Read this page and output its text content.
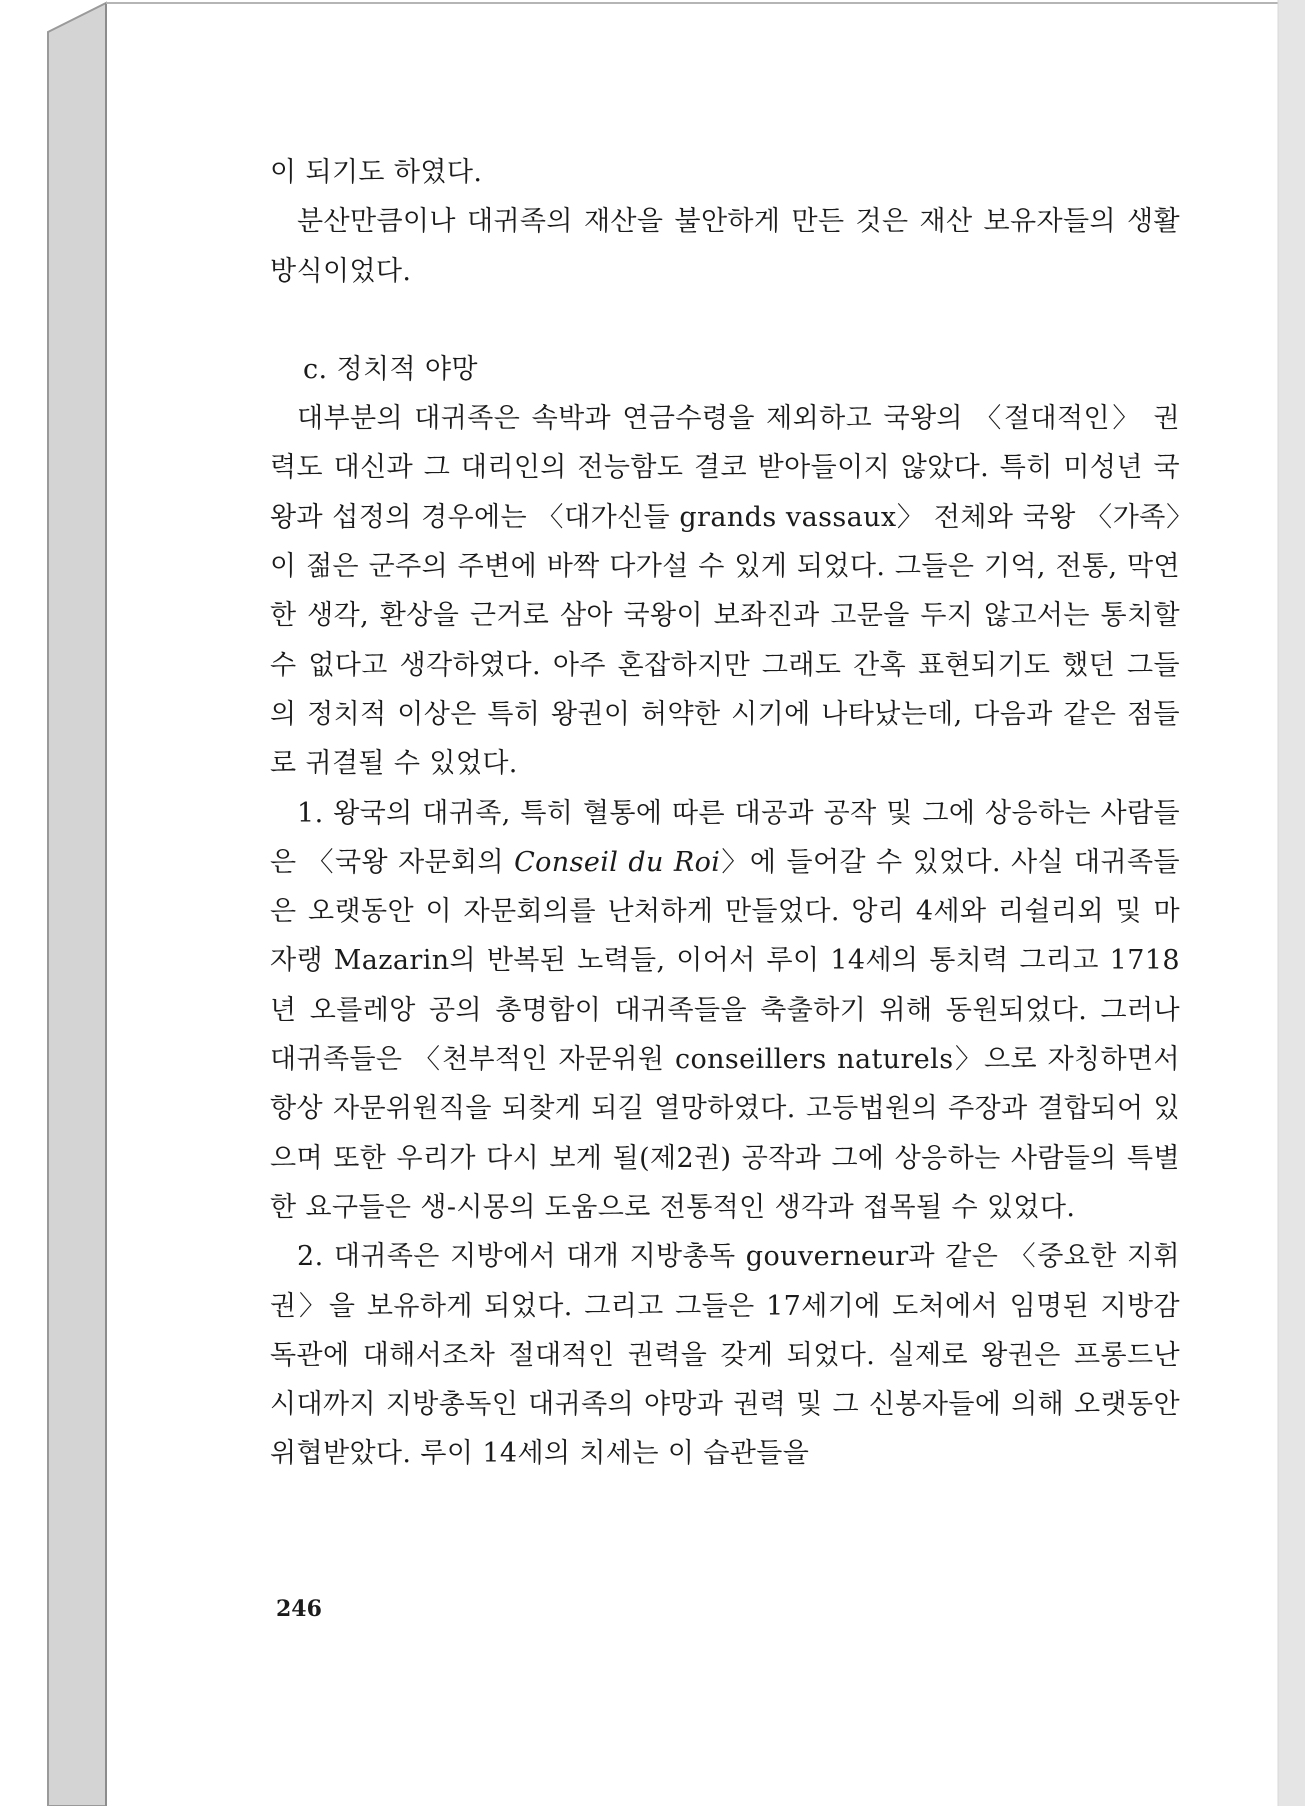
이 되기도 하였다.

분산만큼이나 대귀족의 재산을 불안하게 만든 것은 재산 보유자들의 생활방식이었다.

c. 정치적 야망

대부분의 대귀족은 속박과 연금수령을 제외하고 국왕의 〈절대적인〉 권력도 대신과 그 대리인의 전능함도 결코 받아들이지 않았다. 특히 미성년 국왕과 섭정의 경우에는 〈대가신들 grands vassaux〉 전체와 국왕 〈가족〉이 젊은 군주의 주변에 바짝 다가설 수 있게 되었다. 그들은 기억, 전통, 막연한 생각, 환상을 근거로 삼아 국왕이 보좌진과 고문을 두지 않고서는 통치할 수 없다고 생각하였다. 아주 혼잡하지만 그래도 간혹 표현되기도 했던 그들의 정치적 이상은 특히 왕권이 허약한 시기에 나타났는데, 다음과 같은 점들로 귀결될 수 있었다.

1. 왕국의 대귀족, 특히 혈통에 따른 대공과 공작 및 그에 상응하는 사람들은 〈국왕 자문회의 Conseil du Roi〉에 들어갈 수 있었다. 사실 대귀족들은 오랫동안 이 자문회의를 난처하게 만들었다. 앙리 4세와 리쉴리외 및 마자랭 Mazarin의 반복된 노력들, 이어서 루이 14세의 통치력 그리고 1718년 오를레앙 공의 총명함이 대귀족들을 축출하기 위해 동원되었다. 그러나 대귀족들은 〈천부적인 자문위원 conseillers naturels〉으로 자칭하면서 항상 자문위원직을 되찾게 되길 열망하였다. 고등법원의 주장과 결합되어 있으며 또한 우리가 다시 보게 될(제2권) 공작과 그에 상응하는 사람들의 특별한 요구들은 생-시몽의 도움으로 전통적인 생각과 접목될 수 있었다.

2. 대귀족은 지방에서 대개 지방총독 gouverneur과 같은 〈중요한 지휘권〉을 보유하게 되었다. 그리고 그들은 17세기에 도처에서 임명된 지방감독관에 대해서조차 절대적인 권력을 갖게 되었다. 실제로 왕권은 프롱드난 시대까지 지방총독인 대귀족의 야망과 권력 및 그 신봉자들에 의해 오랫동안 위협받았다. 루이 14세의 치세는 이 습관들을

246
